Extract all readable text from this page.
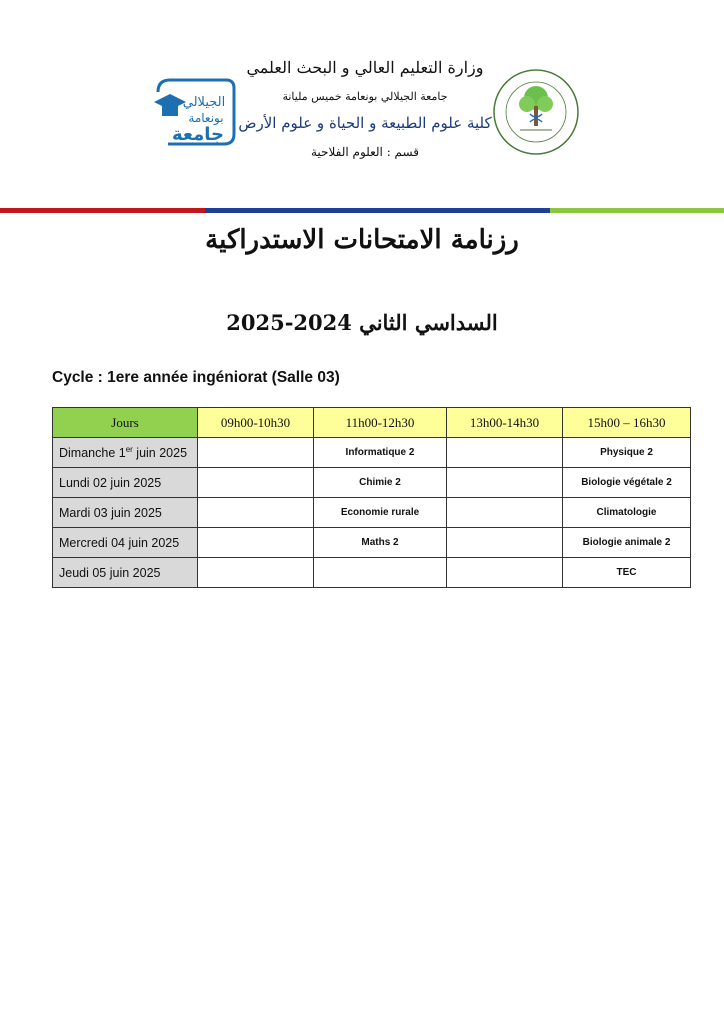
الجيلالي
بونعامة
جامعة

وزارة التعليم العالي و البحث العلمي

جامعة الجيلالي بونعامة خميس مليانة

كلية علوم الطبيعة و الحياة و علوم الأرض

قسم : العلوم الفلاحية

رزنامة الامتحانات الاستدراكية
السداسي الثاني 2024-2025
Cycle : 1ere année ingéniorat (Salle 03)
Jours	09h00-10h30	11h00-12h30	13h00-14h30	15h00 – 16h30
Dimanche 1er juin 2025		Informatique 2		Physique 2
Lundi 02 juin 2025		Chimie 2		Biologie végétale 2
Mardi 03 juin 2025		Economie rurale		Climatologie
Mercredi 04 juin 2025		Maths 2		Biologie animale 2
Jeudi 05 juin 2025				TEC
